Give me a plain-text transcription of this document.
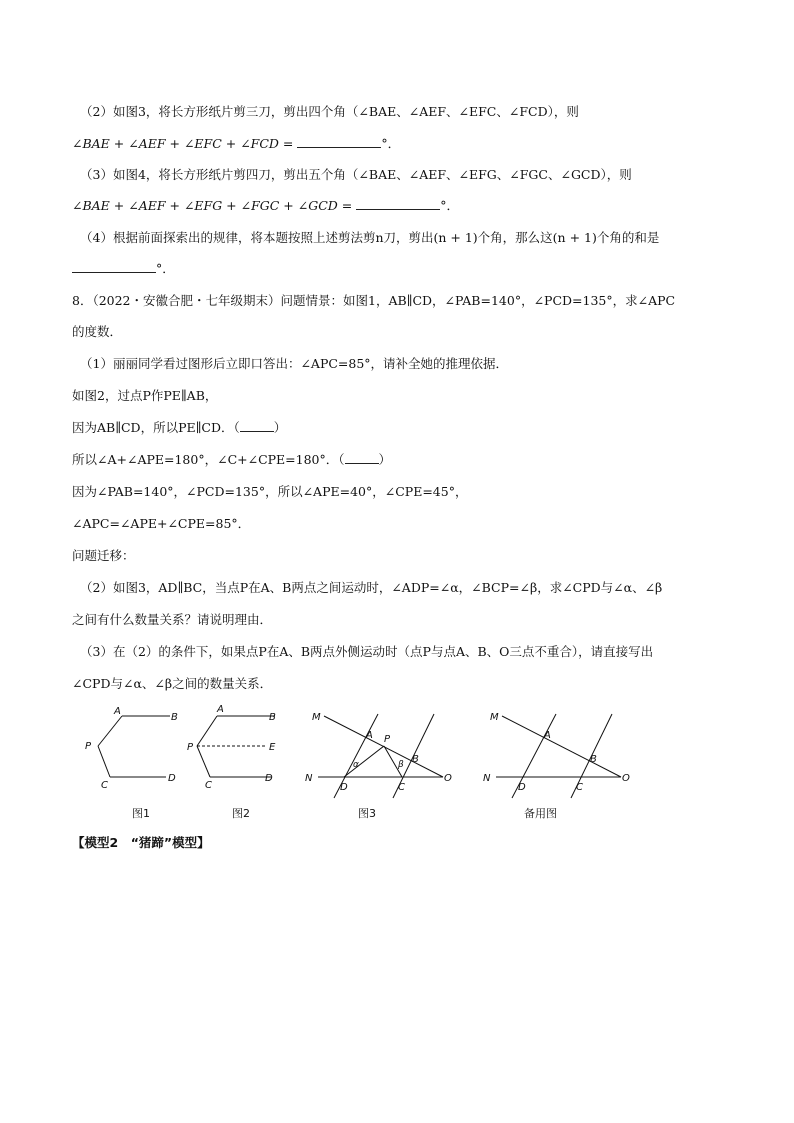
（2）如图3，将长方形纸片剪三刀，剪出四个角（∠BAE、∠AEF、∠EFC、∠FCD），则
∠BAE + ∠AEF + ∠EFC + ∠FCD =	°．
（3）如图4，将长方形纸片剪四刀，剪出五个角（∠BAE、∠AEF、∠EFG、∠FGC、∠GCD），则
∠BAE + ∠AEF + ∠EFG + ∠FGC + ∠GCD =	°．
（4）根据前面探索出的规律，将本题按照上述剪法剪n刀，剪出(n + 1)个角，那么这(n + 1)个角的和是
°．
8．（2022・安徽合肥・七年级期末）问题情景：如图1，AB∥CD，∠PAB=140°，∠PCD=135°，求∠APC
的度数．
（1）丽丽同学看过图形后立即口答出：∠APC=85°，请补全她的推理依据．
如图2，过点P作PE∥AB，
因为AB∥CD，所以PE∥CD．（	）
所以∠A+∠APE=180°，∠C+∠CPE=180°．（	）
因为∠PAB=140°，∠PCD=135°，所以∠APE=40°，∠CPE=45°，
∠APC=∠APE+∠CPE=85°．
问题迁移：
（2）如图3，AD∥BC，当点P在A、B两点之间运动时，∠ADP=∠α，∠BCP=∠β，求∠CPD与∠α、∠β
之间有什么数量关系？请说明理由．
（3）在（2）的条件下，如果点P在A、B两点外侧运动时（点P与点A、B、O三点不重合），请直接写出
∠CPD与∠α、∠β之间的数量关系．
A
B
P
C
D
图1
A
B
P	E
C
D
图2
M
A P
B
N
D	C
O
α	β
图3
M
A
B
N
D	C
O
备用图
【模型2　“猪蹄”模型】
